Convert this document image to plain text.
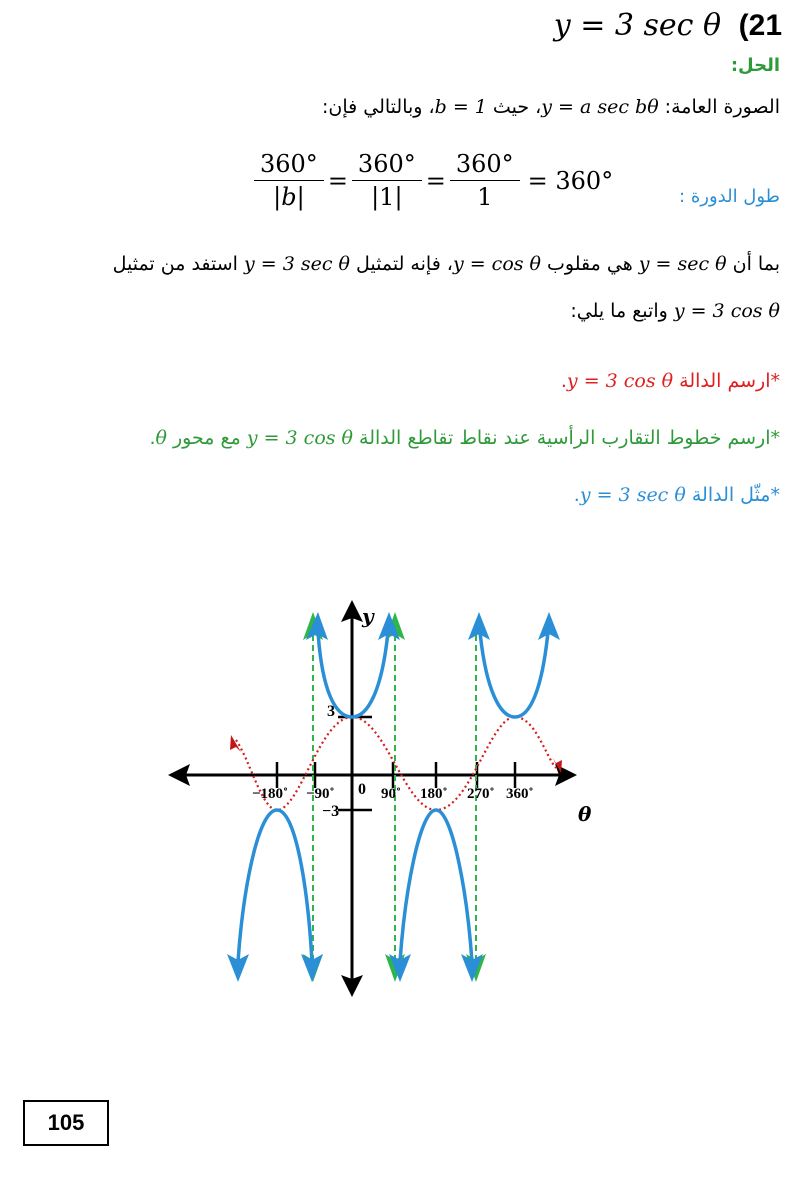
y = 3 sec θ (21
الحل:
الصورة العامة: y = a sec bθ، حيث b = 1، وبالتالي فإن:
طول الدورة :
$\frac{360^\circ}{|b|} = \frac{360^\circ}{|1|} = \frac{360^\circ}{1} = 360^\circ$
بما أن y = sec θ هي مقلوب y = cos θ، فإنه لتمثيل y = 3 sec θ استفد من تمثيل
y = 3 cos θ واتبع ما يلي:
*ارسم الدالة y = 3 cos θ.
*ارسم خطوط التقارب الرأسية عند نقاط تقاطع الدالة y = 3 cos θ مع محور θ.
*مثّل الدالة y = 3 sec θ.
−180˚ −90˚	90˚ 180˚ 270˚ 360˚
0
3
−3
y
θ
105
